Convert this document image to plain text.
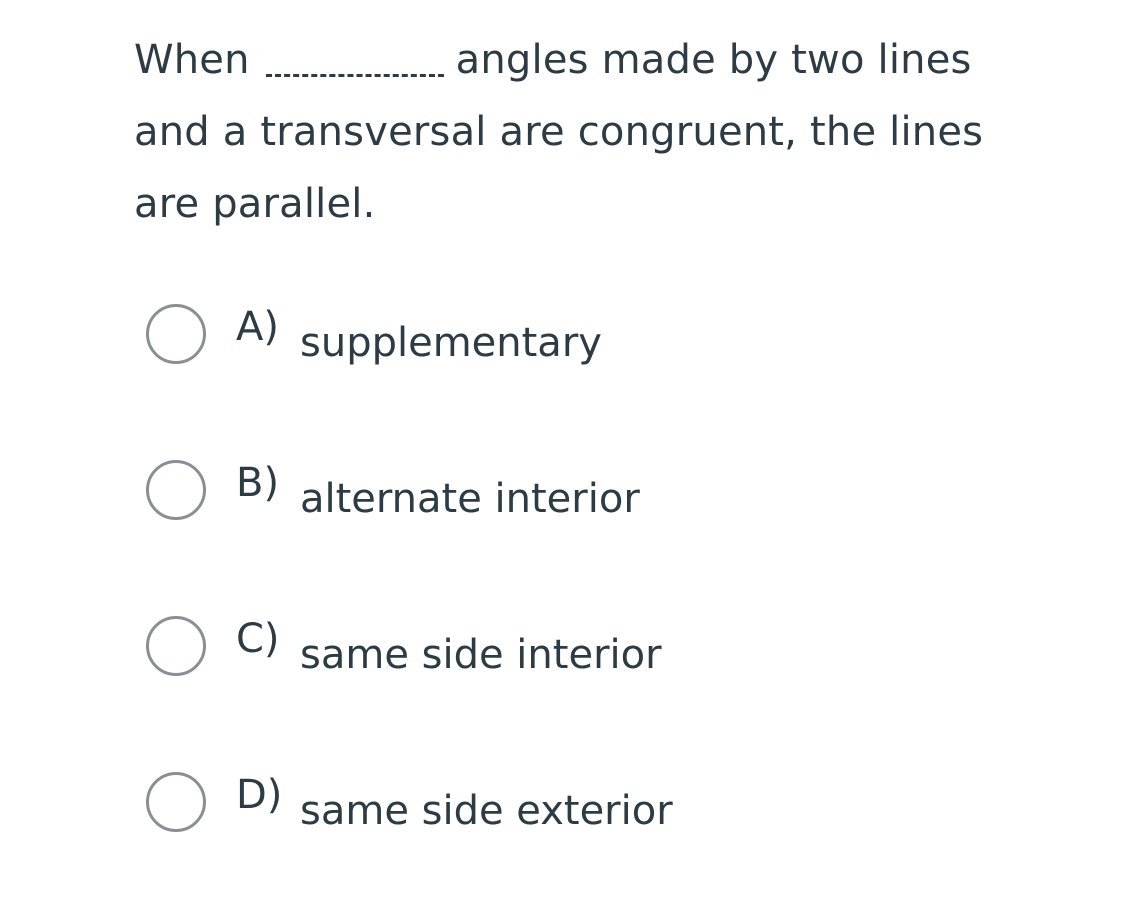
When	angles made by two lines and a transversal are congruent, the lines are parallel.

A) supplementary
B) alternate interior
C) same side interior
D) same side exterior
